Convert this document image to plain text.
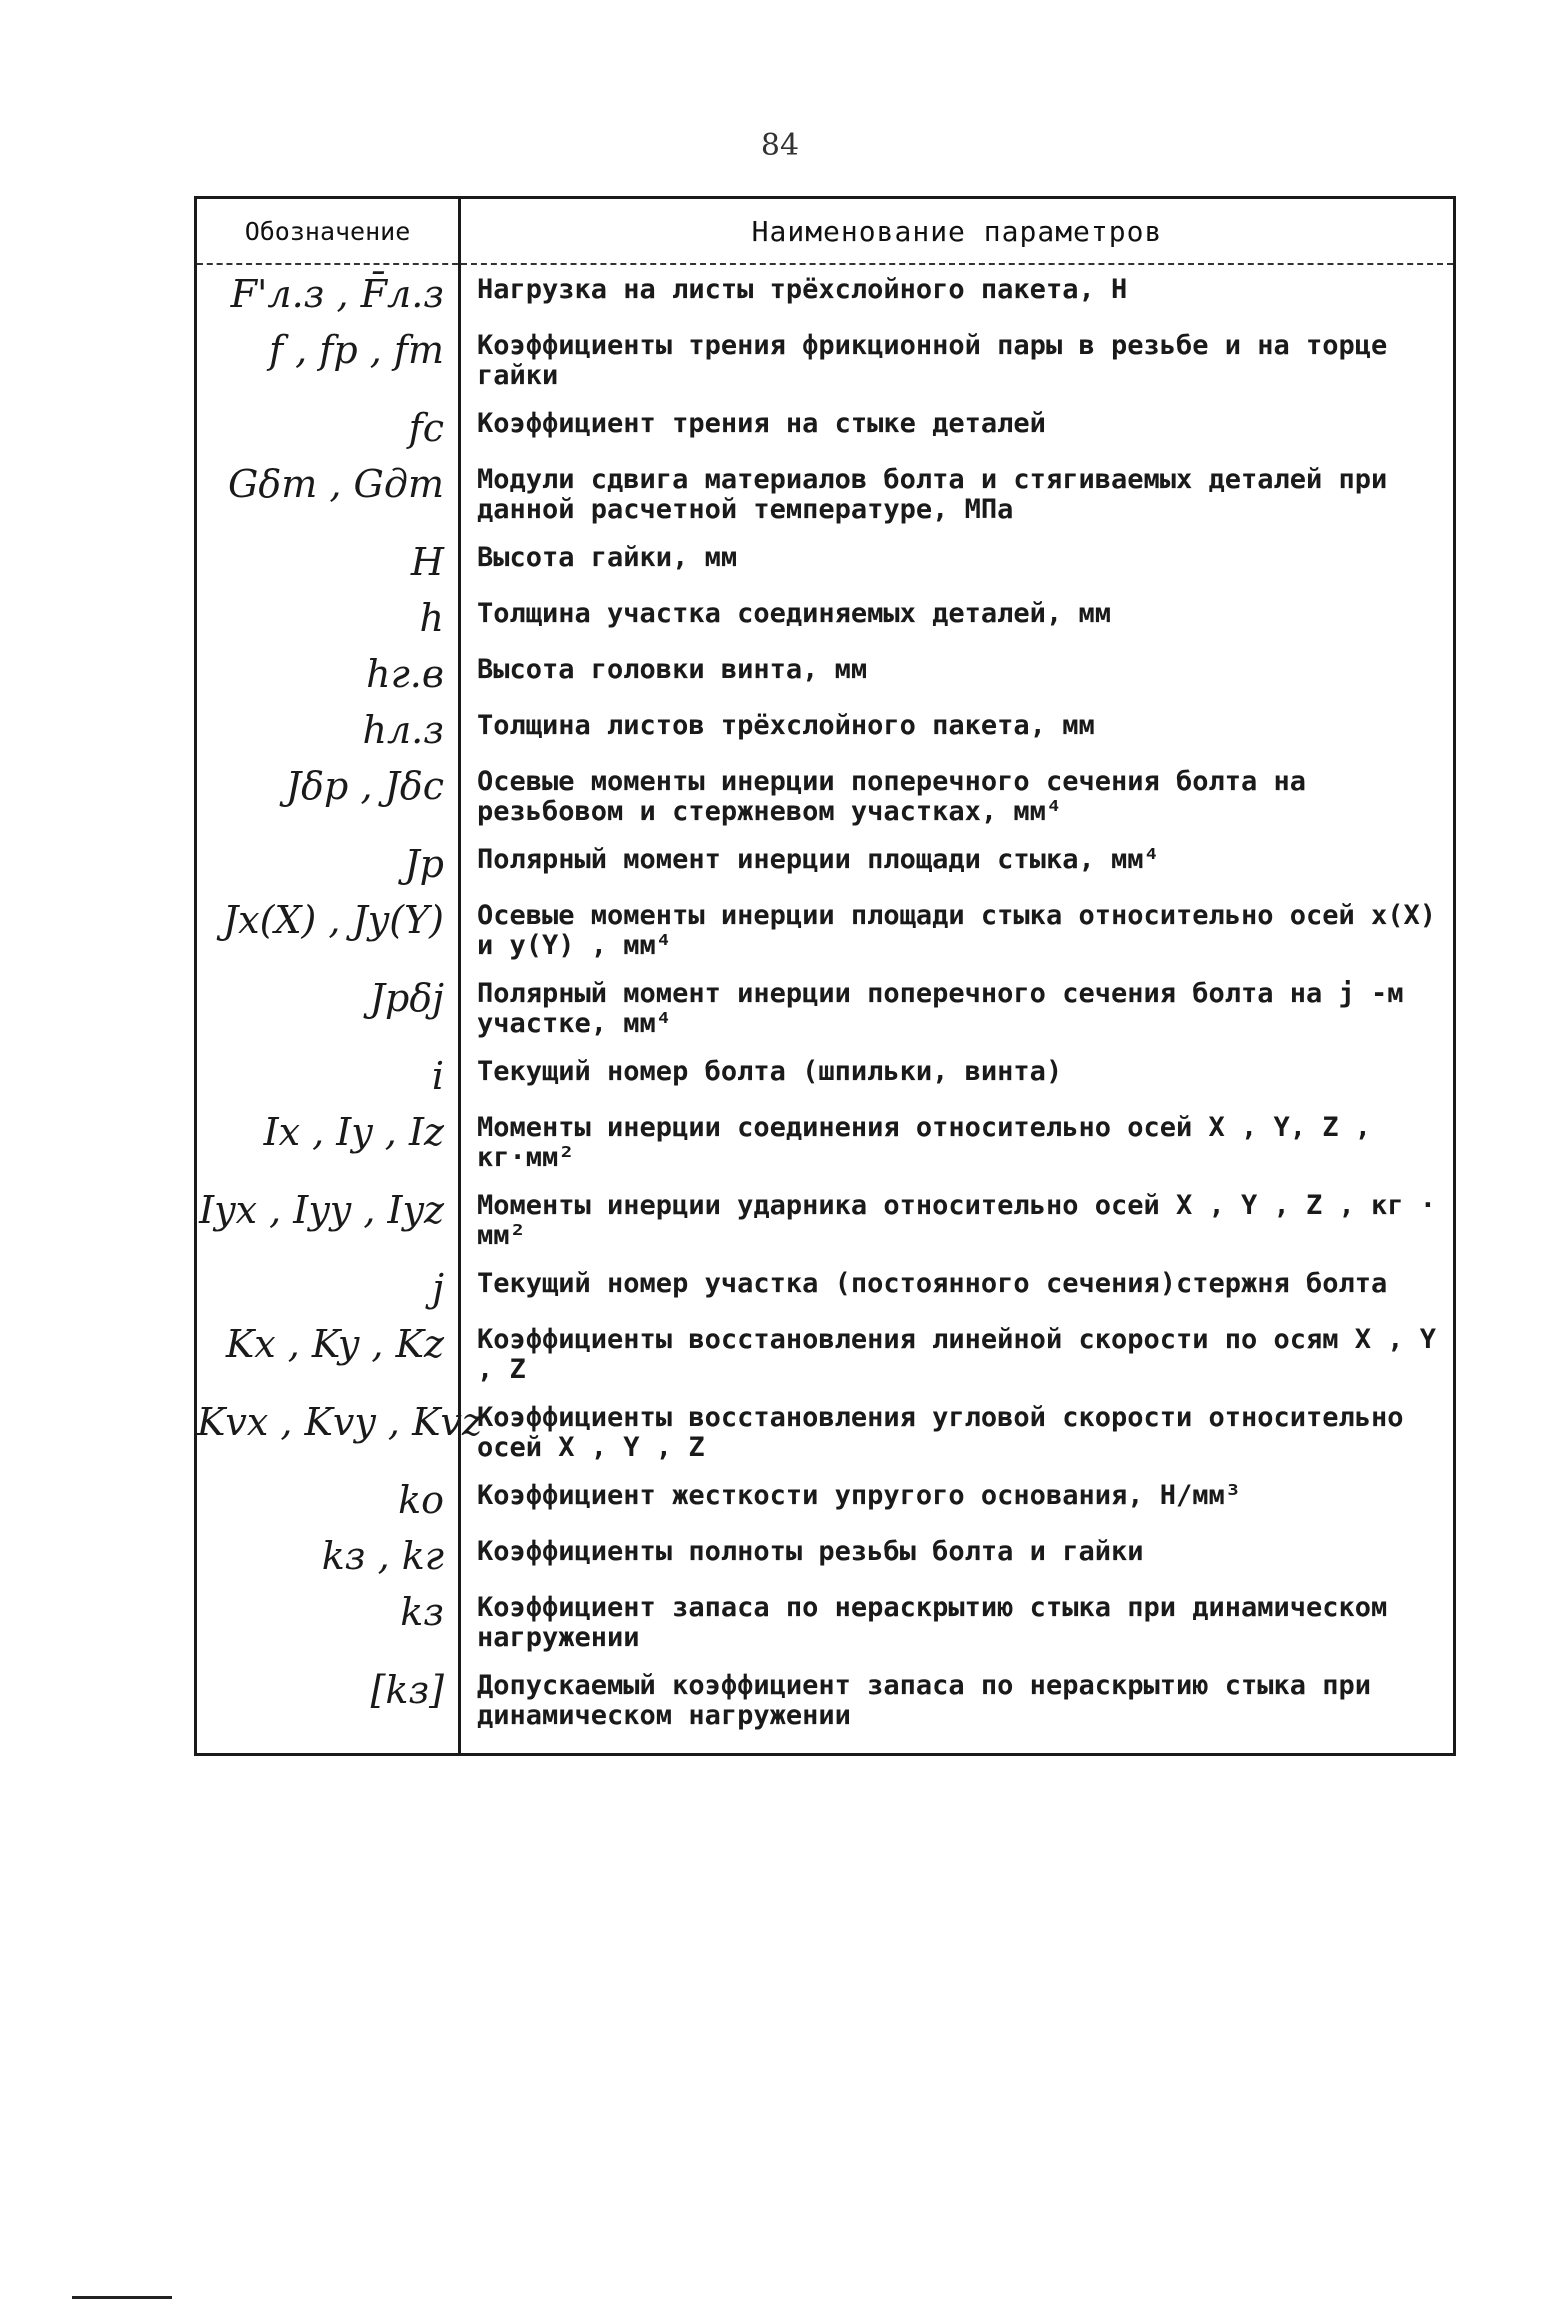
84
Обозначение	Наименование параметров
F'л.з , F̄л.з	Нагрузка на листы трёхслойного пакета, Н
f , fр , fт	Коэффициенты трения фрикционной пары в резьбе и на торце гайки
fс	Коэффициент трения на стыке деталей
Gδт , Gдт	Модули сдвига материалов болта и стягиваемых деталей при данной расчетной температуре, МПа
H	Высота гайки, мм
h	Толщина участка соединяемых деталей, мм
hг.в	Высота головки винта, мм
hл.з	Толщина листов трёхслойного пакета, мм
Jδр , Jδс	Осевые моменты инерции поперечного сечения болта на резьбовом и стержневом участках, мм⁴
Jр	Полярный момент инерции площади стыка, мм⁴
Jx(X) , Jy(Y)	Осевые моменты инерции площади стыка относительно осей x(X) и y(Y) , мм⁴
Jрδj	Полярный момент инерции поперечного сечения болта на j -м участке, мм⁴
i	Текущий номер болта (шпильки, винта)
Ix , Iy , Iz	Моменты инерции соединения относительно осей X , Y, Z , кг·мм²
Iyx , Iyy , Iyz	Моменты инерции ударника относительно осей X , Y , Z , кг · мм²
j	Текущий номер участка (постоянного сечения)стержня болта
Kx , Ky , Kz	Коэффициенты восстановления линейной скорости по осям X , Y , Z
Kvx , Kvy , Kvz	Коэффициенты восстановления угловой скорости относительно осей X , Y , Z
kо	Коэффициент жесткости упругого основания, Н/мм³
kз , kг	Коэффициенты полноты резьбы болта и гайки
kз	Коэффициент запаса по нераскрытию стыка при динамическом нагружении
[kз]	Допускаемый коэффициент запаса по нераскрытию стыка при динамическом нагружении
